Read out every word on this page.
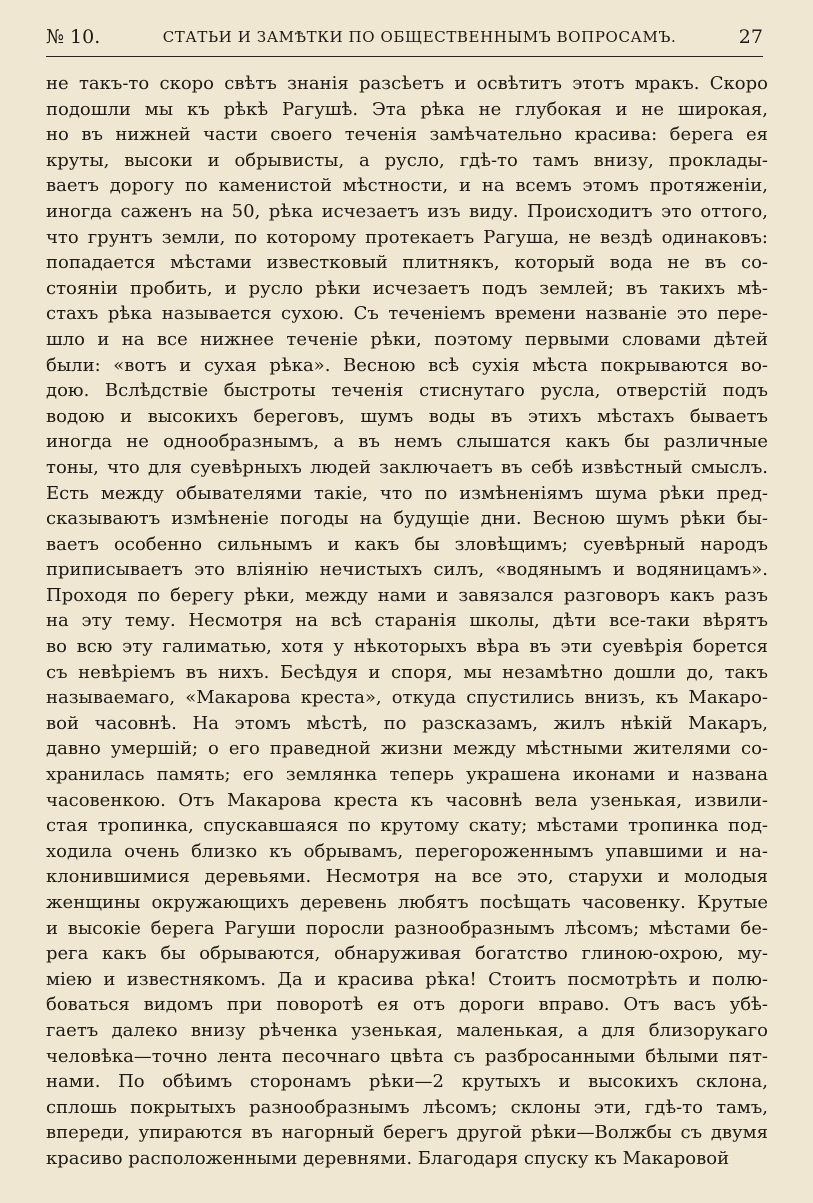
№ 10.	СТАТЬИ И ЗАМѢТКИ ПО ОБЩЕСТВЕННЫМЪ ВОПРОСАМЪ.	27
не такъ-то скоро свѣтъ знанія разсѣетъ и освѣтитъ этотъ мракъ. Скоро
подошли мы къ рѣкѣ Рагушѣ. Эта рѣка не глубокая и не широкая,
но въ нижней части своего теченія замѣчательно красива: берега ея
круты, высоки и обрывисты, а русло, гдѣ-то тамъ внизу, проклады-
ваетъ дорогу по каменистой мѣстности, и на всемъ этомъ протяженіи,
иногда саженъ на 50, рѣка исчезаетъ изъ виду. Происходитъ это оттого,
что грунтъ земли, по которому протекаетъ Рагуша, не вездѣ одинаковъ:
попадается мѣстами известковый плитнякъ, который вода не въ со-
стояніи пробить, и русло рѣки исчезаетъ подъ землей; въ такихъ мѣ-
стахъ рѣка называется сухою. Съ теченіемъ времени названіе это пере-
шло и на все нижнее теченіе рѣки, поэтому первыми словами дѣтей
были: «вотъ и сухая рѣка». Весною всѣ сухія мѣста покрываются во-
дою. Вслѣдствіе быстроты теченія стиснутаго русла, отверстій подъ
водою и высокихъ береговъ, шумъ воды въ этихъ мѣстахъ бываетъ
иногда не однообразнымъ, а въ немъ слышатся какъ бы различные
тоны, что для суевѣрныхъ людей заключаетъ въ себѣ извѣстный смыслъ.
Есть между обывателями такіе, что по измѣненіямъ шума рѣки пред-
сказываютъ измѣненіе погоды на будущіе дни. Весною шумъ рѣки бы-
ваетъ особенно сильнымъ и какъ бы зловѣщимъ; суевѣрный народъ
приписываетъ это вліянію нечистыхъ силъ, «водянымъ и водяницамъ».
Проходя по берегу рѣки, между нами и завязался разговоръ какъ разъ
на эту тему. Несмотря на всѣ старанія школы, дѣти все-таки вѣрятъ
во всю эту галиматью, хотя у нѣкоторыхъ вѣра въ эти суевѣрія борется
съ невѣріемъ въ нихъ. Бесѣдуя и споря, мы незамѣтно дошли до, такъ
называемаго, «Макарова креста», откуда спустились внизъ, къ Макаро-
вой часовнѣ. На этомъ мѣстѣ, по разсказамъ, жилъ нѣкій Макаръ,
давно умершій; о его праведной жизни между мѣстными жителями со-
хранилась память; его землянка теперь украшена иконами и названа
часовенкою. Отъ Макарова креста къ часовнѣ вела узенькая, извили-
стая тропинка, спускавшаяся по крутому скату; мѣстами тропинка под-
ходила очень близко къ обрывамъ, перегороженнымъ упавшими и на-
клонившимися деревьями. Несмотря на все это, старухи и молодыя
женщины окружающихъ деревень любятъ посѣщать часовенку. Крутые
и высокіе берега Рагуши поросли разнообразнымъ лѣсомъ; мѣстами бе-
рега какъ бы обрываются, обнаруживая богатство глиною-охрою, му-
міею и известнякомъ. Да и красива рѣка! Стоитъ посмотрѣть и полю-
боваться видомъ при поворотѣ ея отъ дороги вправо. Отъ васъ убѣ-
гаетъ далеко внизу рѣченка узенькая, маленькая, а для близорукаго
человѣка—точно лента песочнаго цвѣта съ разбросанными бѣлыми пят-
нами. По обѣимъ сторонамъ рѣки—2 крутыхъ и высокихъ склона,
сплошь покрытыхъ разнообразнымъ лѣсомъ; склоны эти, гдѣ-то тамъ,
впереди, упираются въ нагорный берегъ другой рѣки—Волжбы съ двумя
красиво расположенными деревнями. Благодаря спуску къ Макаровой
